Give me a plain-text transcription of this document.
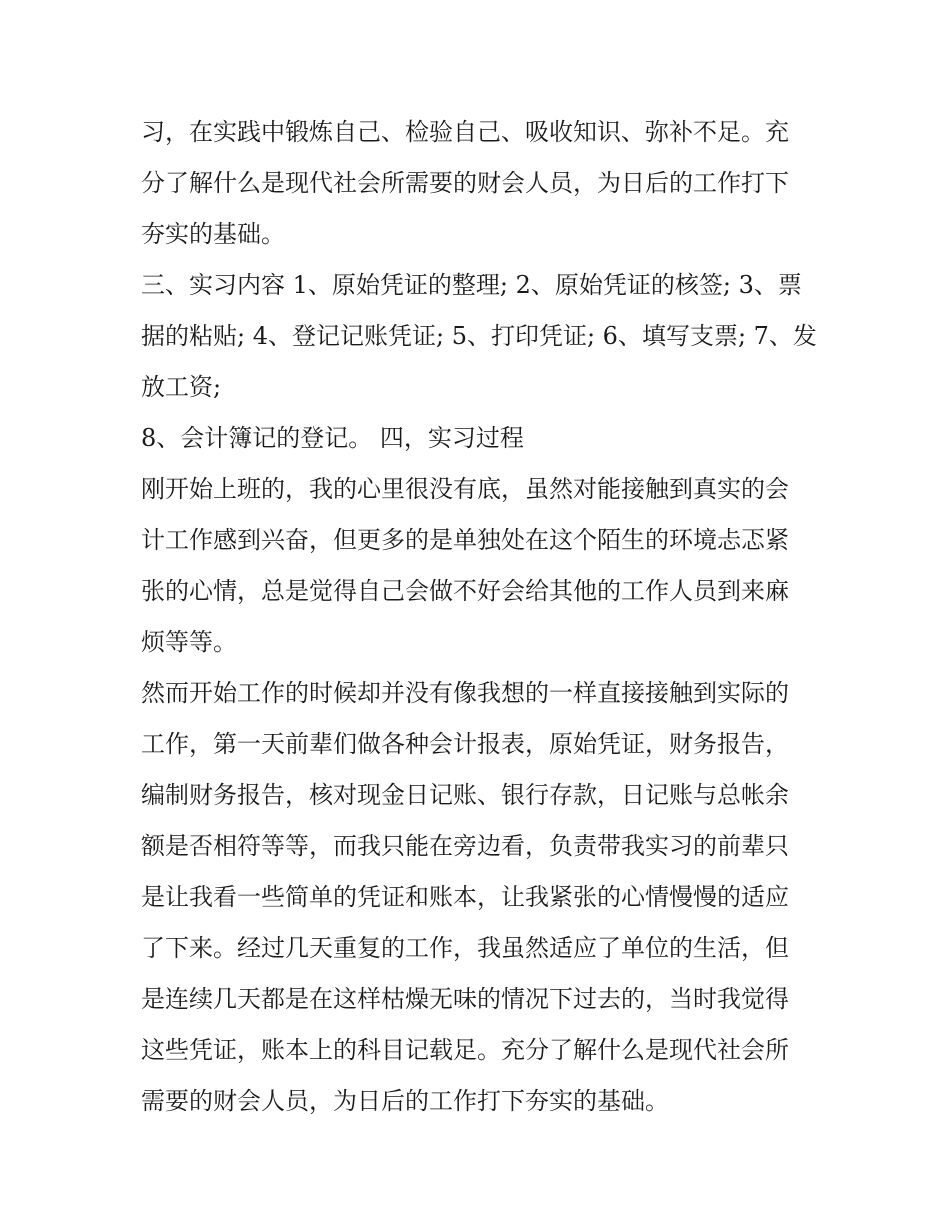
习，在实践中锻炼自己、检验自己、吸收知识、弥补不足。充
分了解什么是现代社会所需要的财会人员，为日后的工作打下
夯实的基础。
三、实习内容 1、原始凭证的整理; 2、原始凭证的核签; 3、票
据的粘贴; 4、登记记账凭证; 5、打印凭证; 6、填写支票; 7、发
放工资;
8、会计簿记的登记。 四，实习过程
刚开始上班的，我的心里很没有底，虽然对能接触到真实的会
计工作感到兴奋，但更多的是单独处在这个陌生的环境忐忑紧
张的心情，总是觉得自己会做不好会给其他的工作人员到来麻
烦等等。
然而开始工作的时候却并没有像我想的一样直接接触到实际的
工作，第一天前辈们做各种会计报表，原始凭证，财务报告，
编制财务报告，核对现金日记账、银行存款，日记账与总帐余
额是否相符等等，而我只能在旁边看，负责带我实习的前辈只
是让我看一些简单的凭证和账本，让我紧张的心情慢慢的适应
了下来。经过几天重复的工作，我虽然适应了单位的生活，但
是连续几天都是在这样枯燥无味的情况下过去的，当时我觉得
这些凭证，账本上的科目记载足。充分了解什么是现代社会所
需要的财会人员，为日后的工作打下夯实的基础。
